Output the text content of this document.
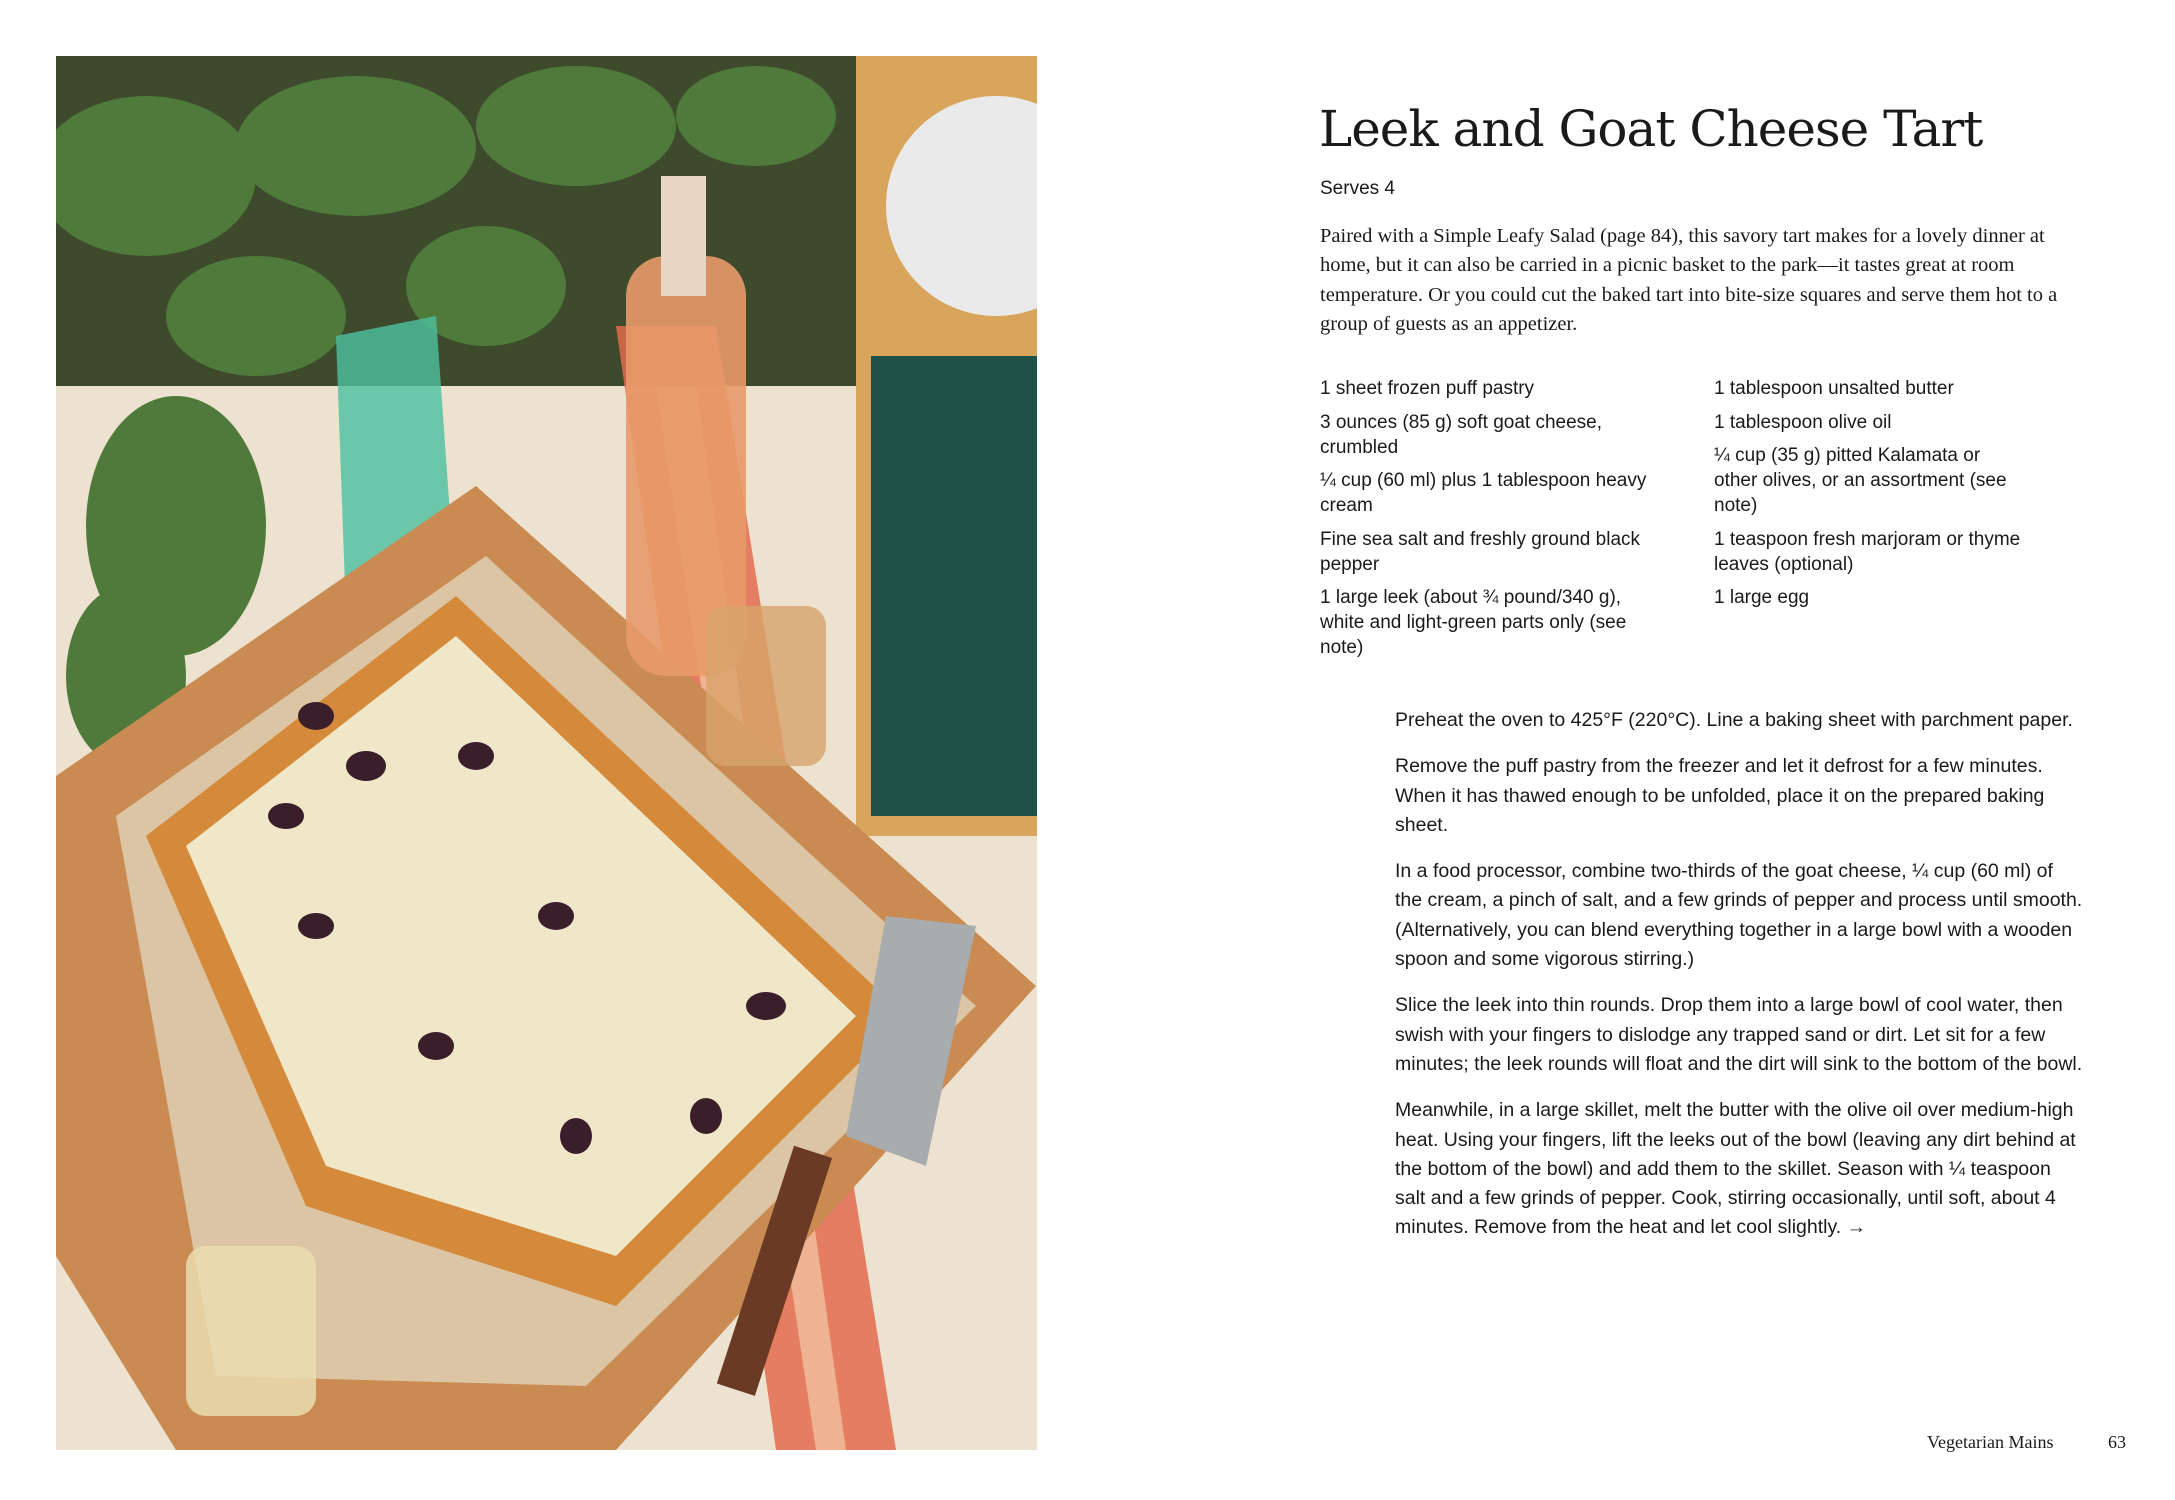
Leek and Goat Cheese Tart
Serves 4

Paired with a Simple Leafy Salad (page 84), this savory tart makes for a lovely dinner at home, but it can also be carried in a picnic basket to the park—it tastes great at room temperature. Or you could cut the baked tart into bite-size squares and serve them hot to a group of guests as an appetizer.

1 sheet frozen puff pastry
3 ounces (85 g) soft goat cheese, crumbled
¼ cup (60 ml) plus 1 tablespoon heavy cream
Fine sea salt and freshly ground black pepper
1 large leek (about ¾ pound/340 g), white and light-green parts only (see note)
1 tablespoon unsalted butter
1 tablespoon olive oil
¼ cup (35 g) pitted Kalamata or other olives, or an assortment (see note)
1 teaspoon fresh marjoram or thyme leaves (optional)
1 large egg

Preheat the oven to 425°F (220°C). Line a baking sheet with parchment paper.

Remove the puff pastry from the freezer and let it defrost for a few minutes. When it has thawed enough to be unfolded, place it on the prepared baking sheet.

In a food processor, combine two-thirds of the goat cheese, ¼ cup (60 ml) of the cream, a pinch of salt, and a few grinds of pepper and process until smooth. (Alternatively, you can blend everything together in a large bowl with a wooden spoon and some vigorous stirring.)

Slice the leek into thin rounds. Drop them into a large bowl of cool water, then swish with your fingers to dislodge any trapped sand or dirt. Let sit for a few minutes; the leek rounds will float and the dirt will sink to the bottom of the bowl.

Meanwhile, in a large skillet, melt the butter with the olive oil over medium-high heat. Using your fingers, lift the leeks out of the bowl (leaving any dirt behind at the bottom of the bowl) and add them to the skillet. Season with ¼ teaspoon salt and a few grinds of pepper. Cook, stirring occasionally, until soft, about 4 minutes. Remove from the heat and let cool slightly. →

Vegetarian Mains	63
